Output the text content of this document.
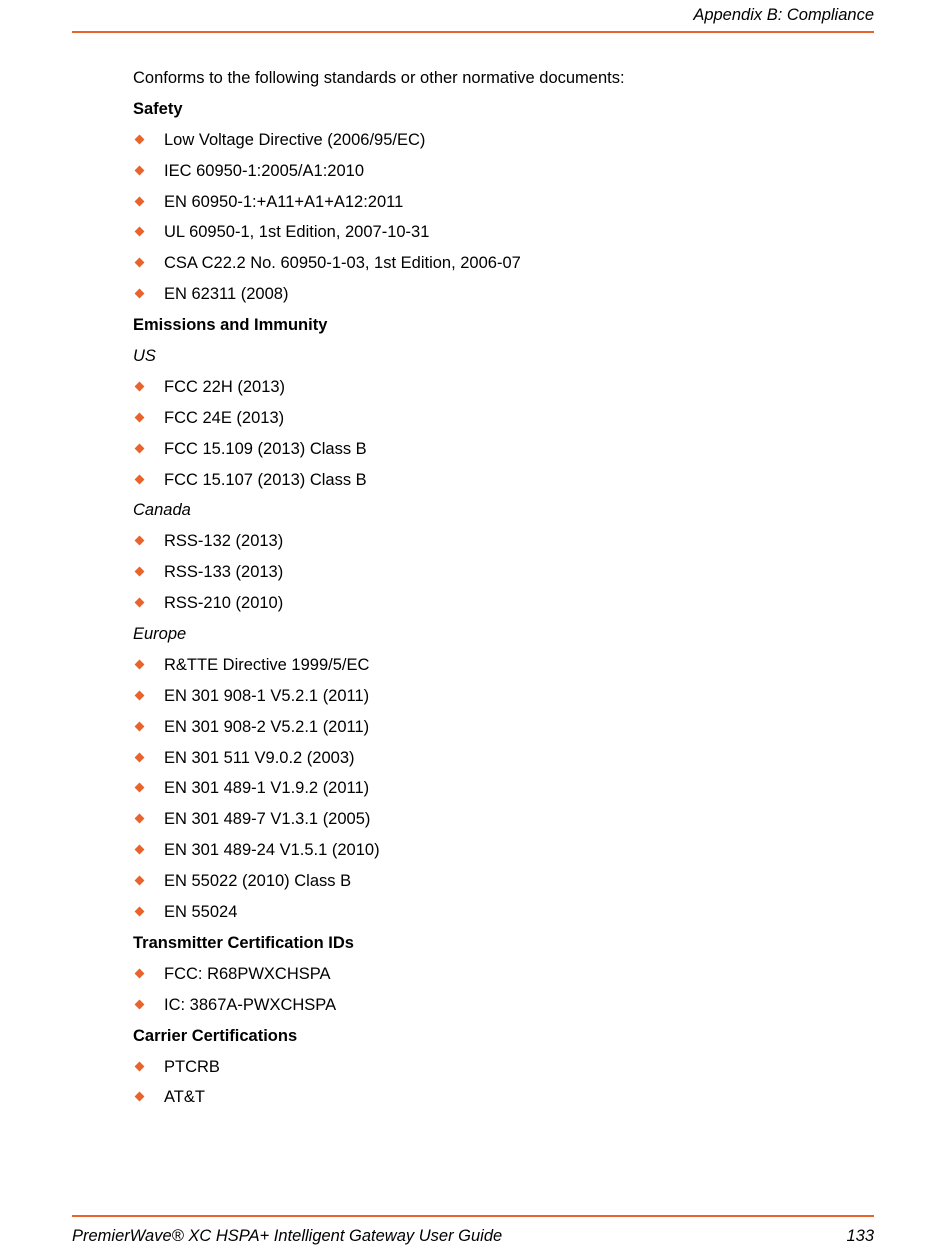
Appendix B: Compliance
Conforms to the following standards or other normative documents:
Safety
Low Voltage Directive (2006/95/EC)
IEC 60950-1:2005/A1:2010
EN 60950-1:+A11+A1+A12:2011
UL 60950-1, 1st Edition, 2007-10-31
CSA C22.2 No. 60950-1-03, 1st Edition, 2006-07
EN 62311 (2008)
Emissions and Immunity
US
FCC 22H (2013)
FCC 24E (2013)
FCC 15.109 (2013) Class B
FCC 15.107 (2013) Class B
Canada
RSS-132 (2013)
RSS-133 (2013)
RSS-210 (2010)
Europe
R&TTE Directive 1999/5/EC
EN 301 908-1 V5.2.1 (2011)
EN 301 908-2 V5.2.1 (2011)
EN 301 511 V9.0.2 (2003)
EN 301 489-1 V1.9.2 (2011)
EN 301 489-7 V1.3.1 (2005)
EN 301 489-24 V1.5.1 (2010)
EN 55022 (2010) Class B
EN 55024
Transmitter Certification IDs
FCC: R68PWXCHSPA
IC: 3867A-PWXCHSPA
Carrier Certifications
PTCRB
AT&T
PremierWave® XC HSPA+ Intelligent Gateway User Guide	133
